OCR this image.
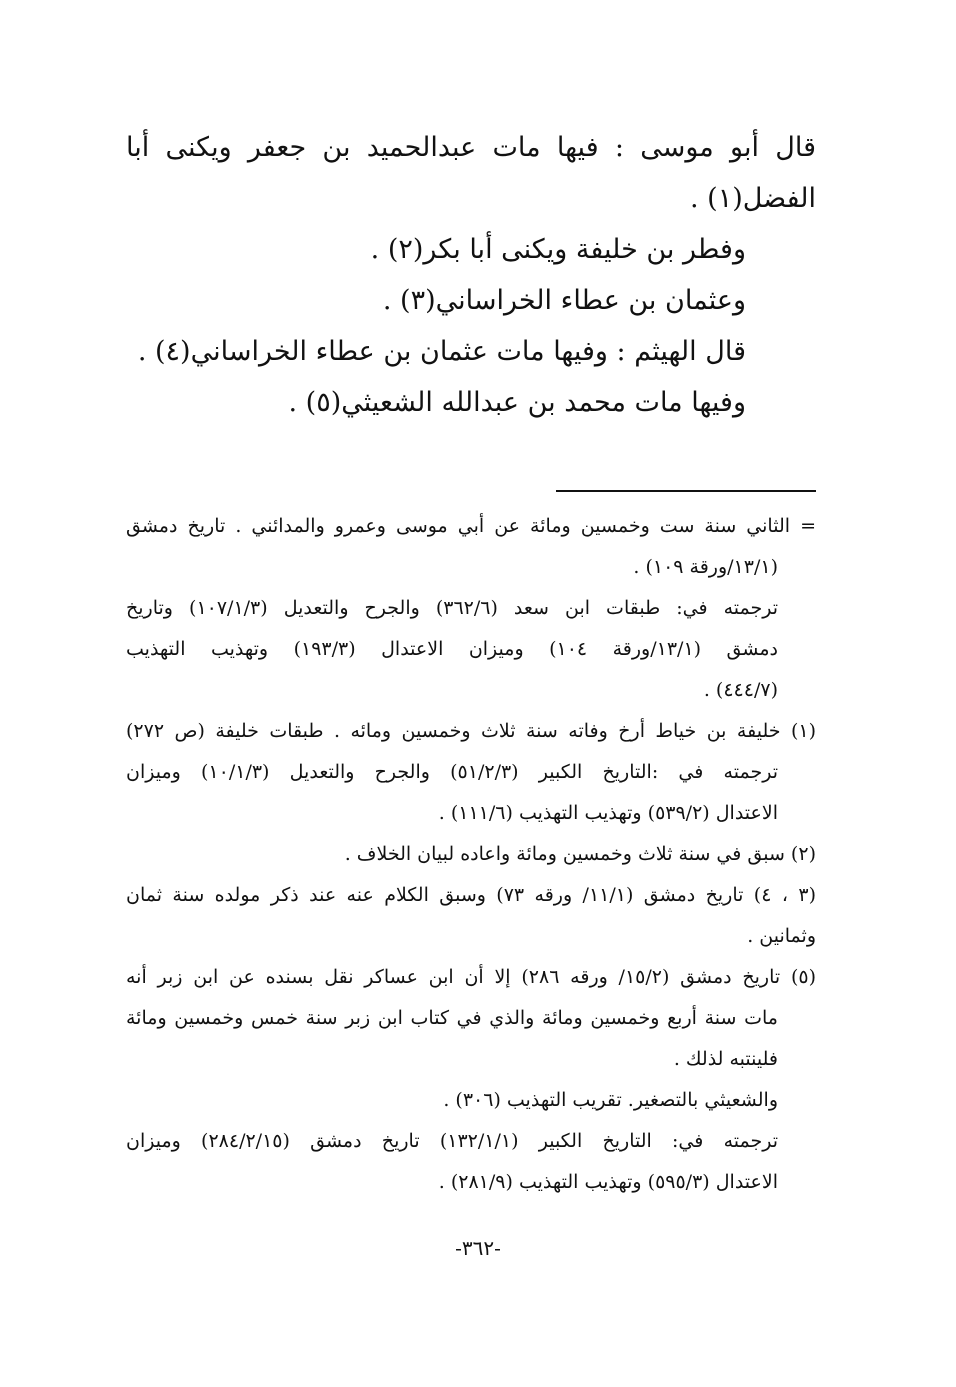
قال أبو موسى : فيها مات عبدالحميد بن جعفر ويكنى أبا
الفضل(١) .
وفطر بن خليفة ويكنى أبا بكر(٢) .
وعثمان بن عطاء الخراساني(٣) .
قال الهيثم : وفيها مات عثمان بن عطاء الخراساني(٤) .
وفيها مات محمد بن عبدالله الشعيثي(٥) .
= الثاني سنة ست وخمسين ومائة عن أبي موسى وعمرو والمدائني . تاريخ دمشق
(١٣/١/ورقة ١٠٩) .
ترجمته في: طبقات ابن سعد (٣٦٢/٦) والجرح والتعديل (١٠٧/١/٣) وتاريخ
دمشق (١٣/١/ورقة ١٠٤) وميزان الاعتدال (١٩٣/٣) وتهذيب التهذيب
(٤٤٤/٧) .
(١) خليفة بن خياط أرخ وفاته سنة ثلاث وخمسين ومائه . طبقات خليفة (ص ٢٧٢)
ترجمته في :التاريخ الكبير (٥١/٢/٣) والجرح والتعديل (١٠/١/٣) وميزان
الاعتدال (٥٣٩/٢) وتهذيب التهذيب (١١١/٦) .
(٢) سبق في سنة ثلاث وخمسين ومائة واعاده لبيان الخلاف .
(٣ ، ٤) تاريخ دمشق (١١/١/ ورقه ٧٣) وسبق الكلام عنه عند ذكر مولده سنة ثمان
وثمانين .
(٥) تاريخ دمشق (١٥/٢/ ورقه ٢٨٦) إلا أن ابن عساكر نقل بسنده عن ابن زبر أنه
مات سنة أربع وخمسين ومائة والذي في كتاب ابن زبر سنة خمس وخمسين ومائة
فلينتبه لذلك .
والشعيثي بالتصغير. تقريب التهذيب (٣٠٦) .
ترجمته في: التاريخ الكبير (١٣٢/١/١) تاريخ دمشق (٢٨٤/٢/١٥) وميزان
الاعتدال (٥٩٥/٣) وتهذيب التهذيب (٢٨١/٩) .
-٣٦٢-
